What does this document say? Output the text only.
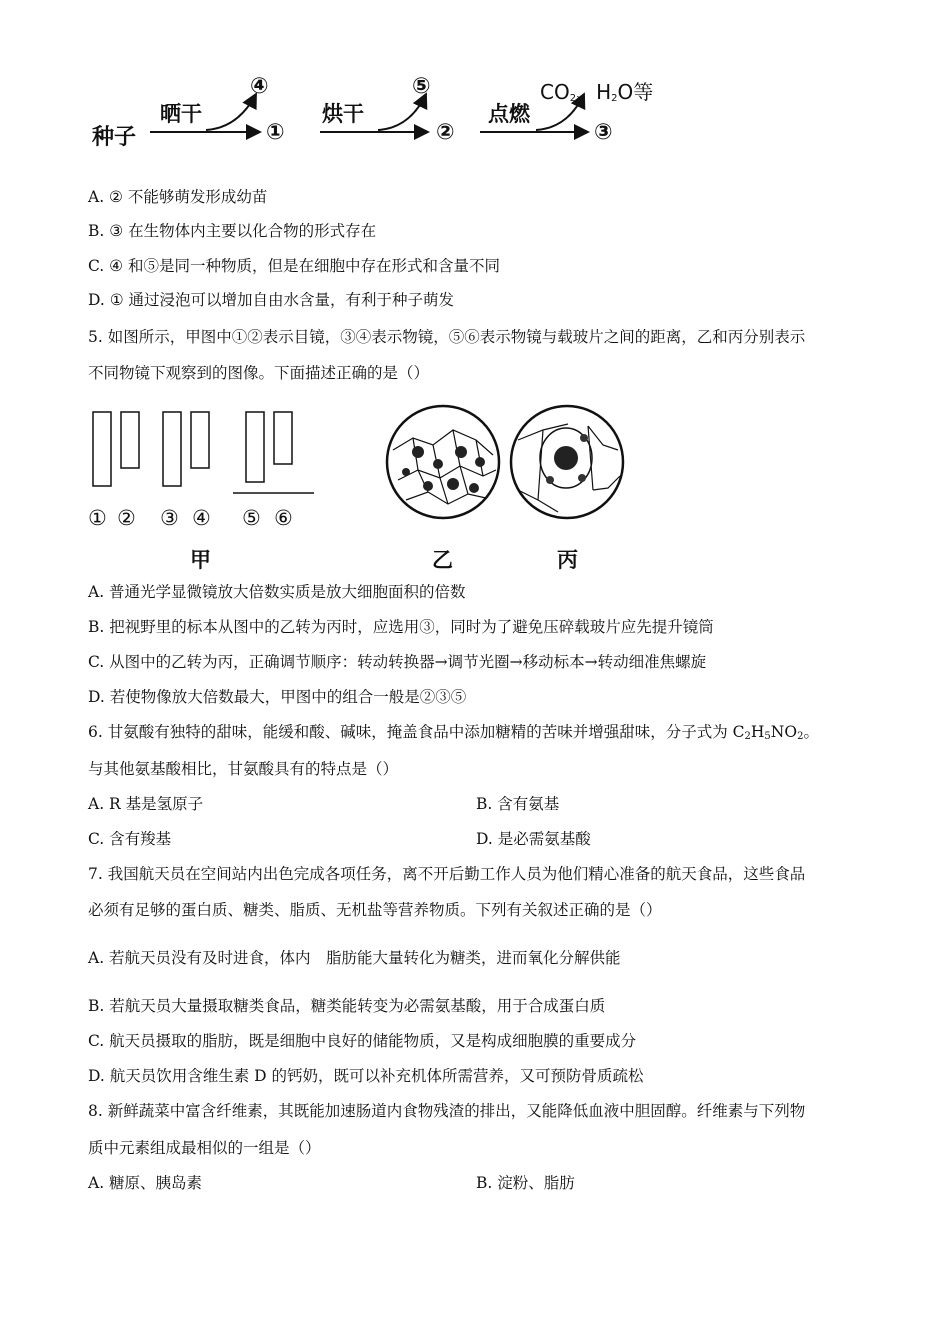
种子
晒干
④
①
烘干
⑤
②
点燃
③
$CO_2$、$H_2O$等
A. ② 不能够萌发形成幼苗
B. ③ 在生物体内主要以化合物的形式存在
C. ④ 和⑤是同一种物质，但是在细胞中存在形式和含量不同
D. ① 通过浸泡可以增加自由水含量，有利于种子萌发
5. 如图所示，甲图中①②表示目镜，③④表示物镜，⑤⑥表示物镜与载玻片之间的距离，乙和丙分别表示
不同物镜下观察到的图像。下面描述正确的是（）
① ② ③ ④ ⑤ ⑥
甲	乙	丙
A. 普通光学显微镜放大倍数实质是放大细胞面积的倍数
B. 把视野里的标本从图中的乙转为丙时，应选用③，同时为了避免压碎载玻片应先提升镜筒
C. 从图中的乙转为丙，正确调节顺序：转动转换器→调节光圈→移动标本→转动细准焦螺旋
D. 若使物像放大倍数最大，甲图中的组合一般是②③⑤
6. 甘氨酸有独特的甜味，能缓和酸、碱味，掩盖食品中添加糖精的苦味并增强甜味，分子式为 $C_2H_5NO_2$。
与其他氨基酸相比，甘氨酸具有的特点是（）
A. R 基是氢原子	B. 含有氨基
C. 含有羧基	D. 是必需氨基酸
7. 我国航天员在空间站内出色完成各项任务，离不开后勤工作人员为他们精心准备的航天食品，这些食品
必须有足够的蛋白质、糖类、脂质、无机盐等营养物质。下列有关叙述正确的是（）
A. 若航天员没有及时进食，体内　脂肪能大量转化为糖类，进而氧化分解供能
B. 若航天员大量摄取糖类食品，糖类能转变为必需氨基酸，用于合成蛋白质
C. 航天员摄取的脂肪，既是细胞中良好的储能物质，又是构成细胞膜的重要成分
D. 航天员饮用含维生素 D 的钙奶，既可以补充机体所需营养，又可预防骨质疏松
8. 新鲜蔬菜中富含纤维素，其既能加速肠道内食物残渣的排出，又能降低血液中胆固醇。纤维素与下列物
质中元素组成最相似的一组是（）
A. 糖原、胰岛素	B. 淀粉、脂肪
